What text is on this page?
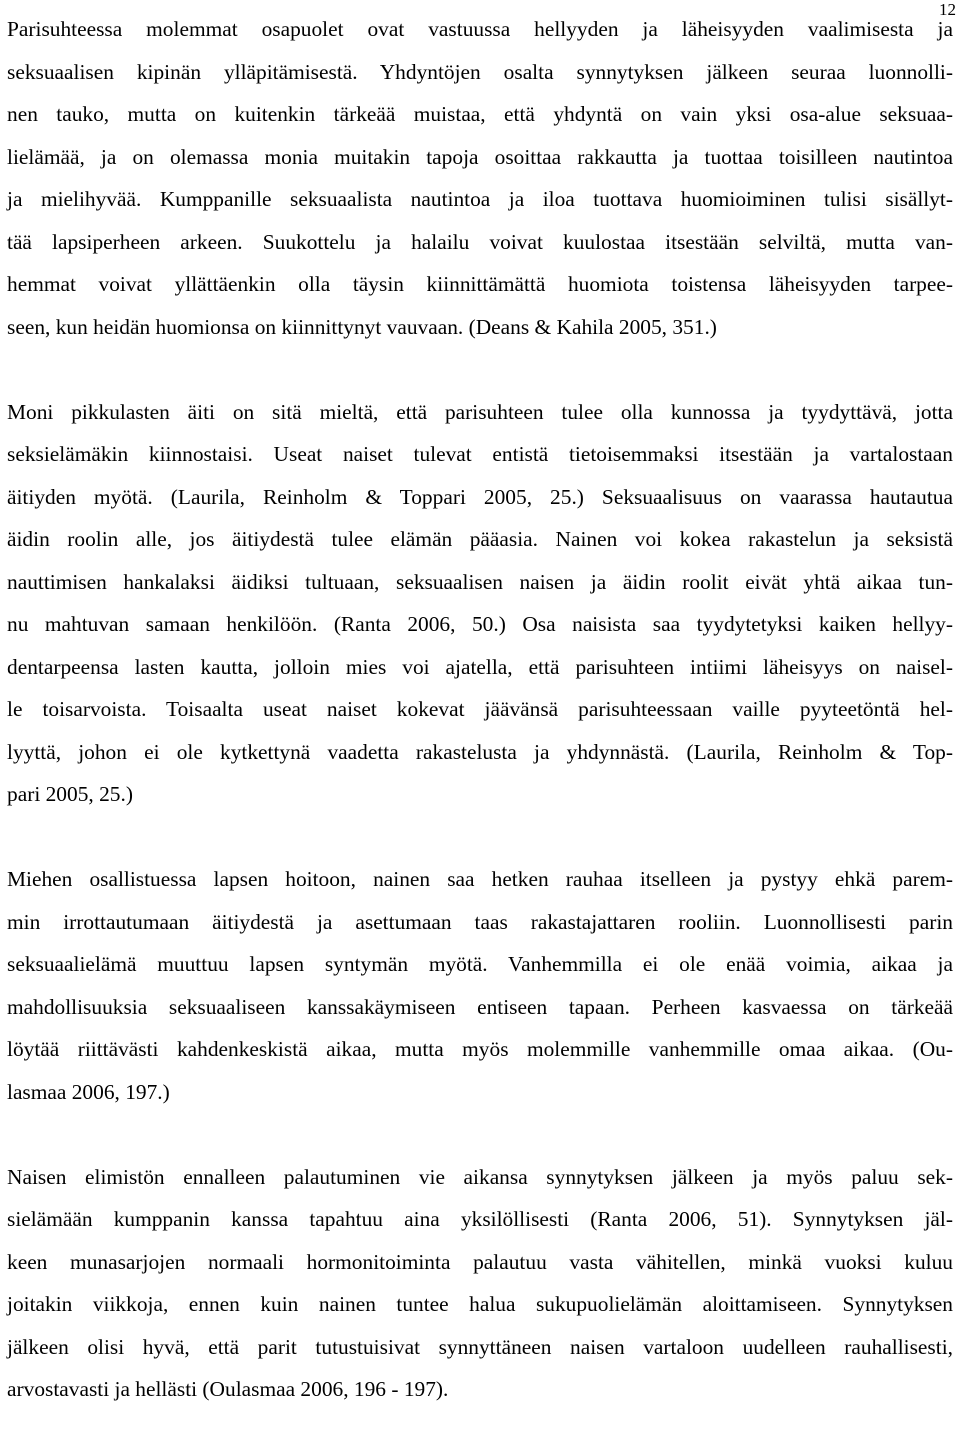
12
Parisuhteessa molemmat osapuolet ovat vastuussa hellyyden ja läheisyyden vaalimisesta ja
seksuaalisen kipinän ylläpitämisestä. Yhdyntöjen osalta synnytyksen jälkeen seuraa luonnolli-
nen tauko, mutta on kuitenkin tärkeää muistaa, että yhdyntä on vain yksi osa-alue seksuaa-
lielämää, ja on olemassa monia muitakin tapoja osoittaa rakkautta ja tuottaa toisilleen nautintoa
ja mielihyvää. Kumppanille seksuaalista nautintoa ja iloa tuottava huomioiminen tulisi sisällyt-
tää lapsiperheen arkeen. Suukottelu ja halailu voivat kuulostaa itsestään selviltä, mutta van-
hemmat voivat yllättäenkin olla täysin kiinnittämättä huomiota toistensa läheisyyden tarpee-
seen, kun heidän huomionsa on kiinnittynyt vauvaan. (Deans & Kahila 2005, 351.)
Moni pikkulasten äiti on sitä mieltä, että parisuhteen tulee olla kunnossa ja tyydyttävä, jotta
seksielämäkin kiinnostaisi. Useat naiset tulevat entistä tietoisemmaksi itsestään ja vartalostaan
äitiyden myötä. (Laurila, Reinholm & Toppari 2005, 25.) Seksuaalisuus on vaarassa hautautua
äidin roolin alle, jos äitiydestä tulee elämän pääasia. Nainen voi kokea rakastelun ja seksistä
nauttimisen hankalaksi äidiksi tultuaan, seksuaalisen naisen ja äidin roolit eivät yhtä aikaa tun-
nu mahtuvan samaan henkilöön. (Ranta 2006, 50.) Osa naisista saa tyydytetyksi kaiken hellyy-
dentarpeensa lasten kautta, jolloin mies voi ajatella, että parisuhteen intiimi läheisyys on naisel-
le toisarvoista. Toisaalta useat naiset kokevat jäävänsä parisuhteessaan vaille pyyteetöntä hel-
lyyttä, johon ei ole kytkettynä vaadetta rakastelusta ja yhdynnästä. (Laurila, Reinholm & Top-
pari 2005, 25.)
Miehen osallistuessa lapsen hoitoon, nainen saa hetken rauhaa itselleen ja pystyy ehkä parem-
min irrottautumaan äitiydestä ja asettumaan taas rakastajattaren rooliin. Luonnollisesti parin
seksuaalielämä muuttuu lapsen syntymän myötä. Vanhemmilla ei ole enää voimia, aikaa ja
mahdollisuuksia seksuaaliseen kanssakäymiseen entiseen tapaan. Perheen kasvaessa on tärkeää
löytää riittävästi kahdenkeskistä aikaa, mutta myös molemmille vanhemmille omaa aikaa. (Ou-
lasmaa 2006, 197.)
Naisen elimistön ennalleen palautuminen vie aikansa synnytyksen jälkeen ja myös paluu sek-
sielämään kumppanin kanssa tapahtuu aina yksilöllisesti (Ranta 2006, 51). Synnytyksen jäl-
keen munasarjojen normaali hormonitoiminta palautuu vasta vähitellen, minkä vuoksi kuluu
joitakin viikkoja, ennen kuin nainen tuntee halua sukupuolielämän aloittamiseen. Synnytyksen
jälkeen olisi hyvä, että parit tutustuisivat synnyttäneen naisen vartaloon uudelleen rauhallisesti,
arvostavasti ja hellästi (Oulasmaa 2006, 196 - 197).
